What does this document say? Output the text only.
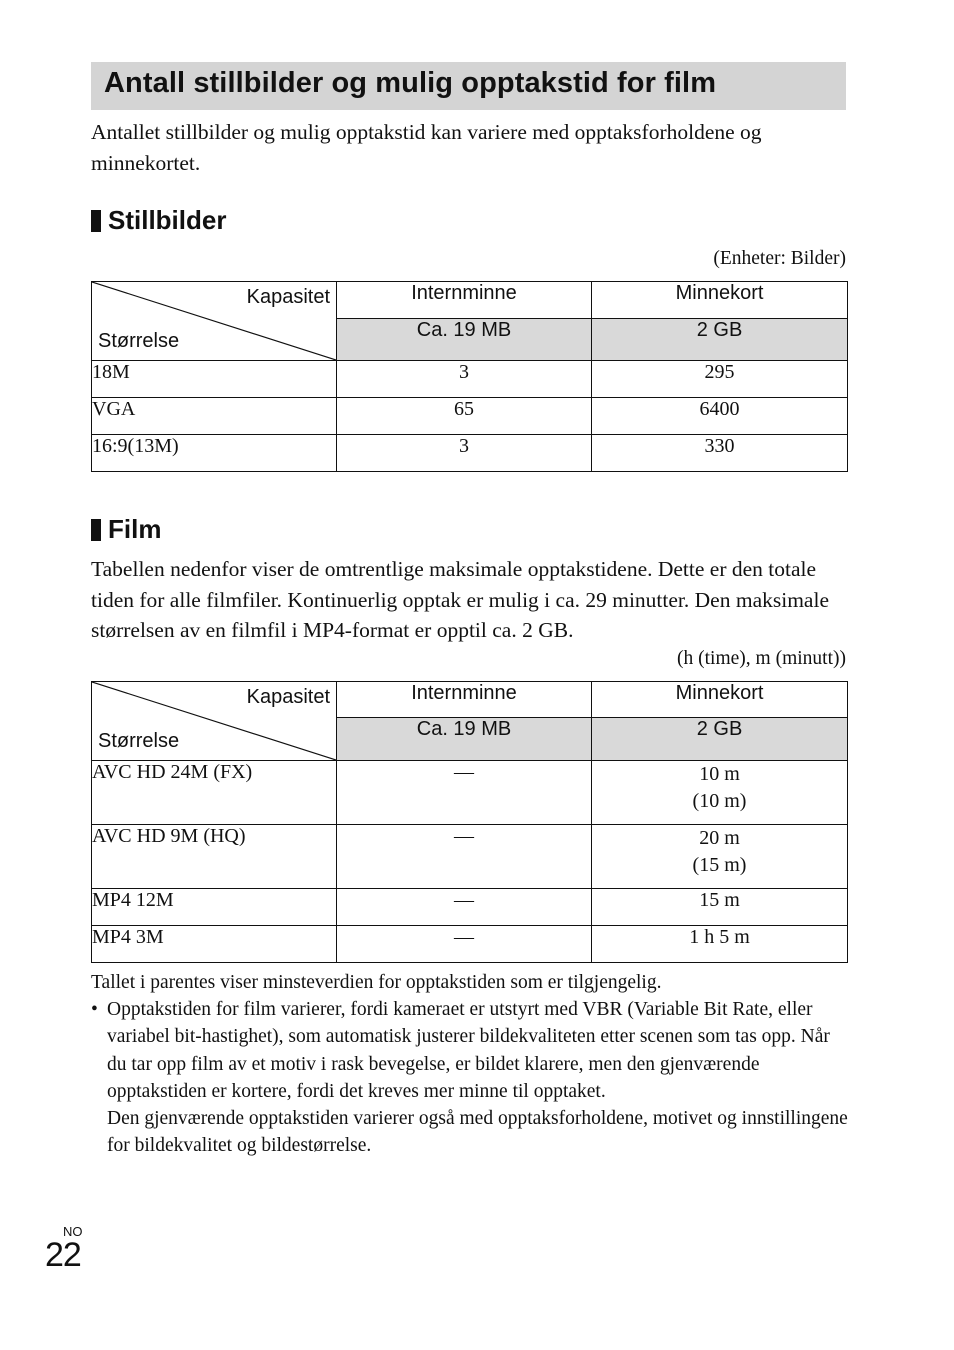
Antall stillbilder og mulig opptakstid for film
Antallet stillbilder og mulig opptakstid kan variere med opptaksforholdene og minnekortet.
Stillbilder
(Enheter: Bilder)
Kapasitet
Størrelse	Internminne	Minnekort
	Ca. 19 MB	2 GB
18M	3	295
VGA	65	6400
16:9(13M)	3	330
Film
Tabellen nedenfor viser de omtrentlige maksimale opptakstidene. Dette er den totale tiden for alle filmfiler. Kontinuerlig opptak er mulig i ca. 29 minutter. Den maksimale størrelsen av en filmfil i MP4-format er opptil ca. 2 GB.
(h (time), m (minutt))
Kapasitet
Størrelse	Internminne	Minnekort
	Ca. 19 MB	2 GB
AVC HD 24M (FX)	—	10 m
(10 m)

AVC HD 9M (HQ)	—	20 m
(15 m)

MP4 12M	—	15 m
MP4 3M	—	1 h 5 m
Tallet i parentes viser minsteverdien for opptakstiden som er tilgjengelig.
• Opptakstiden for film varierer, fordi kameraet er utstyrt med VBR (Variable Bit Rate, eller variabel bit-hastighet), som automatisk justerer bildekvaliteten etter scenen som tas opp. Når du tar opp film av et motiv i rask bevegelse, er bildet klarere, men den gjenværende opptakstiden er kortere, fordi det kreves mer minne til opptaket.
Den gjenværende opptakstiden varierer også med opptaksforholdene, motivet og innstillingene for bildekvalitet og bildestørrelse.
NO
22
